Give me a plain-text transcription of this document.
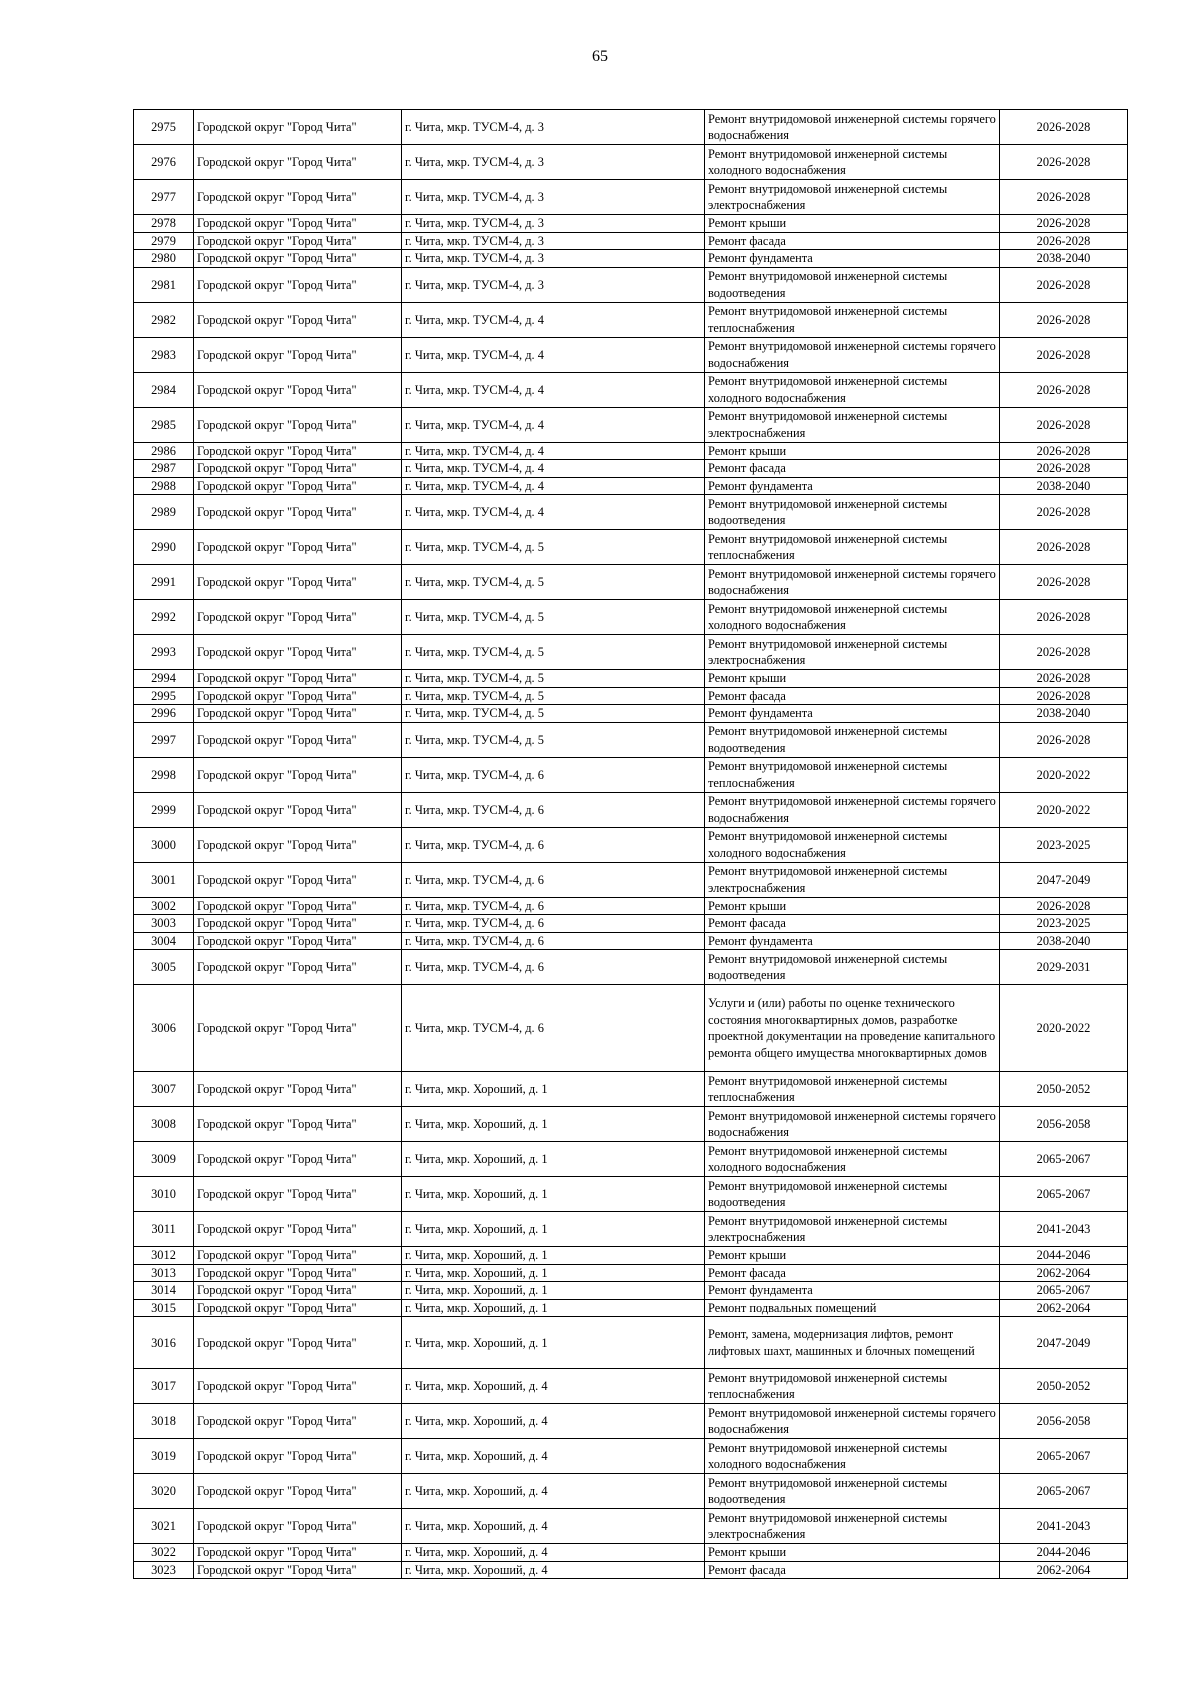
65
2975	Городской округ "Город Чита"	г. Чита, мкр. ТУСМ-4, д. 3	Ремонт внутридомовой инженерной системы горячего водоснабжения	2026-2028
2976	Городской округ "Город Чита"	г. Чита, мкр. ТУСМ-4, д. 3	Ремонт внутридомовой инженерной системы холодного водоснабжения	2026-2028
2977	Городской округ "Город Чита"	г. Чита, мкр. ТУСМ-4, д. 3	Ремонт внутридомовой инженерной системы электроснабжения	2026-2028
2978	Городской округ "Город Чита"	г. Чита, мкр. ТУСМ-4, д. 3	Ремонт крыши	2026-2028
2979	Городской округ "Город Чита"	г. Чита, мкр. ТУСМ-4, д. 3	Ремонт фасада	2026-2028
2980	Городской округ "Город Чита"	г. Чита, мкр. ТУСМ-4, д. 3	Ремонт фундамента	2038-2040
2981	Городской округ "Город Чита"	г. Чита, мкр. ТУСМ-4, д. 3	Ремонт внутридомовой инженерной системы водоотведения	2026-2028
2982	Городской округ "Город Чита"	г. Чита, мкр. ТУСМ-4, д. 4	Ремонт внутридомовой инженерной системы теплоснабжения	2026-2028
2983	Городской округ "Город Чита"	г. Чита, мкр. ТУСМ-4, д. 4	Ремонт внутридомовой инженерной системы горячего водоснабжения	2026-2028
2984	Городской округ "Город Чита"	г. Чита, мкр. ТУСМ-4, д. 4	Ремонт внутридомовой инженерной системы холодного водоснабжения	2026-2028
2985	Городской округ "Город Чита"	г. Чита, мкр. ТУСМ-4, д. 4	Ремонт внутридомовой инженерной системы электроснабжения	2026-2028
2986	Городской округ "Город Чита"	г. Чита, мкр. ТУСМ-4, д. 4	Ремонт крыши	2026-2028
2987	Городской округ "Город Чита"	г. Чита, мкр. ТУСМ-4, д. 4	Ремонт фасада	2026-2028
2988	Городской округ "Город Чита"	г. Чита, мкр. ТУСМ-4, д. 4	Ремонт фундамента	2038-2040
2989	Городской округ "Город Чита"	г. Чита, мкр. ТУСМ-4, д. 4	Ремонт внутридомовой инженерной системы водоотведения	2026-2028
2990	Городской округ "Город Чита"	г. Чита, мкр. ТУСМ-4, д. 5	Ремонт внутридомовой инженерной системы теплоснабжения	2026-2028
2991	Городской округ "Город Чита"	г. Чита, мкр. ТУСМ-4, д. 5	Ремонт внутридомовой инженерной системы горячего водоснабжения	2026-2028
2992	Городской округ "Город Чита"	г. Чита, мкр. ТУСМ-4, д. 5	Ремонт внутридомовой инженерной системы холодного водоснабжения	2026-2028
2993	Городской округ "Город Чита"	г. Чита, мкр. ТУСМ-4, д. 5	Ремонт внутридомовой инженерной системы электроснабжения	2026-2028
2994	Городской округ "Город Чита"	г. Чита, мкр. ТУСМ-4, д. 5	Ремонт крыши	2026-2028
2995	Городской округ "Город Чита"	г. Чита, мкр. ТУСМ-4, д. 5	Ремонт фасада	2026-2028
2996	Городской округ "Город Чита"	г. Чита, мкр. ТУСМ-4, д. 5	Ремонт фундамента	2038-2040
2997	Городской округ "Город Чита"	г. Чита, мкр. ТУСМ-4, д. 5	Ремонт внутридомовой инженерной системы водоотведения	2026-2028
2998	Городской округ "Город Чита"	г. Чита, мкр. ТУСМ-4, д. 6	Ремонт внутридомовой инженерной системы теплоснабжения	2020-2022
2999	Городской округ "Город Чита"	г. Чита, мкр. ТУСМ-4, д. 6	Ремонт внутридомовой инженерной системы горячего водоснабжения	2020-2022
3000	Городской округ "Город Чита"	г. Чита, мкр. ТУСМ-4, д. 6	Ремонт внутридомовой инженерной системы холодного водоснабжения	2023-2025
3001	Городской округ "Город Чита"	г. Чита, мкр. ТУСМ-4, д. 6	Ремонт внутридомовой инженерной системы электроснабжения	2047-2049
3002	Городской округ "Город Чита"	г. Чита, мкр. ТУСМ-4, д. 6	Ремонт крыши	2026-2028
3003	Городской округ "Город Чита"	г. Чита, мкр. ТУСМ-4, д. 6	Ремонт фасада	2023-2025
3004	Городской округ "Город Чита"	г. Чита, мкр. ТУСМ-4, д. 6	Ремонт фундамента	2038-2040
3005	Городской округ "Город Чита"	г. Чита, мкр. ТУСМ-4, д. 6	Ремонт внутридомовой инженерной системы водоотведения	2029-2031
3006	Городской округ "Город Чита"	г. Чита, мкр. ТУСМ-4, д. 6	Услуги и (или) работы по оценке технического состояния многоквартирных домов, разработке проектной документации на проведение капитального ремонта общего имущества многоквартирных домов	2020-2022
3007	Городской округ "Город Чита"	г. Чита, мкр. Хороший, д. 1	Ремонт внутридомовой инженерной системы теплоснабжения	2050-2052
3008	Городской округ "Город Чита"	г. Чита, мкр. Хороший, д. 1	Ремонт внутридомовой инженерной системы горячего водоснабжения	2056-2058
3009	Городской округ "Город Чита"	г. Чита, мкр. Хороший, д. 1	Ремонт внутридомовой инженерной системы холодного водоснабжения	2065-2067
3010	Городской округ "Город Чита"	г. Чита, мкр. Хороший, д. 1	Ремонт внутридомовой инженерной системы водоотведения	2065-2067
3011	Городской округ "Город Чита"	г. Чита, мкр. Хороший, д. 1	Ремонт внутридомовой инженерной системы электроснабжения	2041-2043
3012	Городской округ "Город Чита"	г. Чита, мкр. Хороший, д. 1	Ремонт крыши	2044-2046
3013	Городской округ "Город Чита"	г. Чита, мкр. Хороший, д. 1	Ремонт фасада	2062-2064
3014	Городской округ "Город Чита"	г. Чита, мкр. Хороший, д. 1	Ремонт фундамента	2065-2067
3015	Городской округ "Город Чита"	г. Чита, мкр. Хороший, д. 1	Ремонт подвальных помещений	2062-2064
3016	Городской округ "Город Чита"	г. Чита, мкр. Хороший, д. 1	Ремонт, замена, модернизация лифтов, ремонт лифтовых шахт, машинных и блочных помещений	2047-2049
3017	Городской округ "Город Чита"	г. Чита, мкр. Хороший, д. 4	Ремонт внутридомовой инженерной системы теплоснабжения	2050-2052
3018	Городской округ "Город Чита"	г. Чита, мкр. Хороший, д. 4	Ремонт внутридомовой инженерной системы горячего водоснабжения	2056-2058
3019	Городской округ "Город Чита"	г. Чита, мкр. Хороший, д. 4	Ремонт внутридомовой инженерной системы холодного водоснабжения	2065-2067
3020	Городской округ "Город Чита"	г. Чита, мкр. Хороший, д. 4	Ремонт внутридомовой инженерной системы водоотведения	2065-2067
3021	Городской округ "Город Чита"	г. Чита, мкр. Хороший, д. 4	Ремонт внутридомовой инженерной системы электроснабжения	2041-2043
3022	Городской округ "Город Чита"	г. Чита, мкр. Хороший, д. 4	Ремонт крыши	2044-2046
3023	Городской округ "Город Чита"	г. Чита, мкр. Хороший, д. 4	Ремонт фасада	2062-2064
